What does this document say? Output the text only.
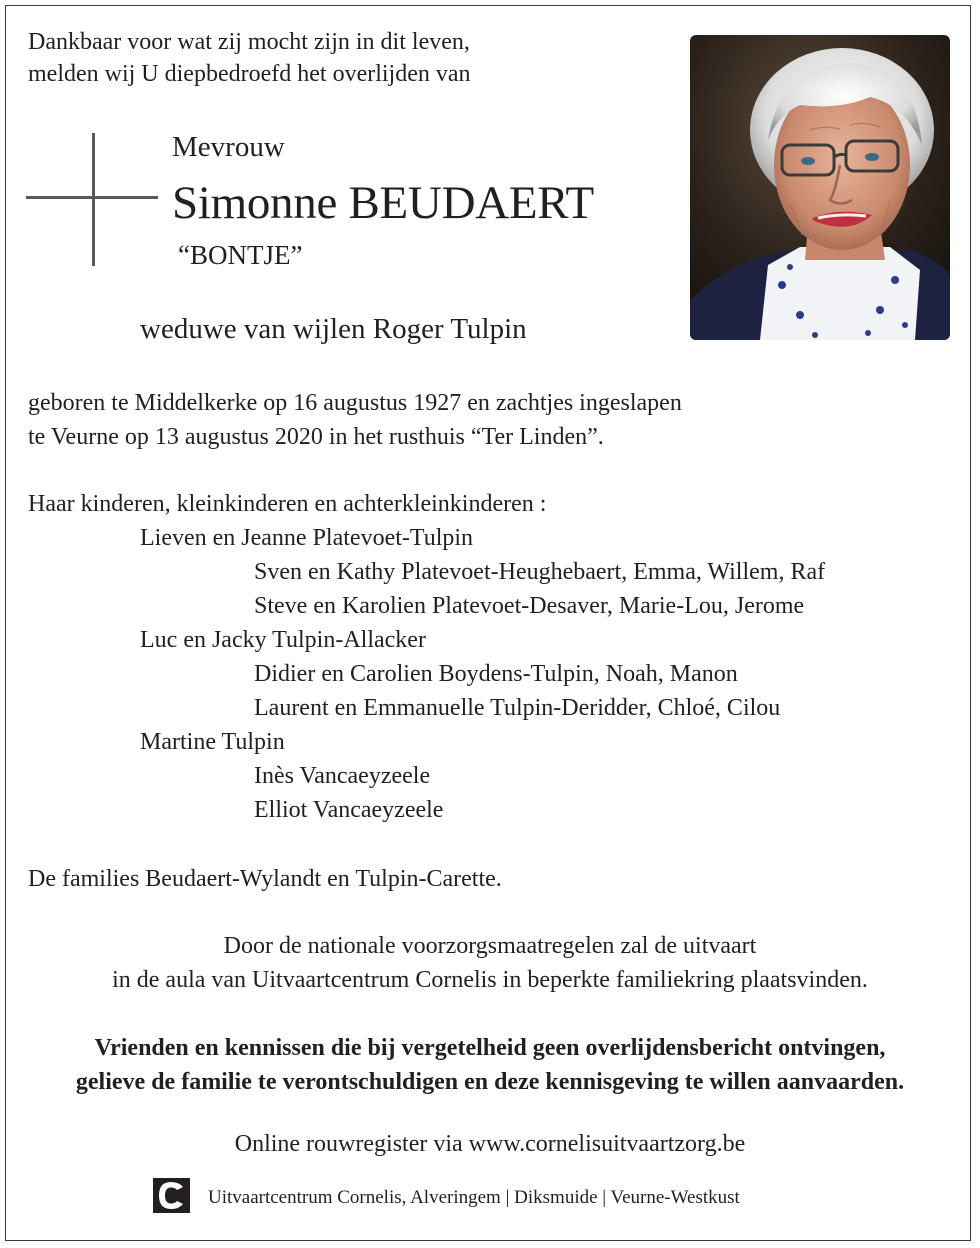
Dankbaar voor wat zij mocht zijn in dit leven,
melden wij U diepbedroefd het overlijden van
Mevrouw
Simonne BEUDAERT
“BONTJE”
weduwe van wijlen Roger Tulpin
geboren te Middelkerke op 16 augustus 1927 en zachtjes ingeslapen
te Veurne op 13 augustus 2020 in het rusthuis “Ter Linden”.
Haar kinderen, kleinkinderen en achterkleinkinderen :
Lieven en Jeanne Platevoet-Tulpin
Sven en Kathy Platevoet-Heughebaert, Emma, Willem, Raf
Steve en Karolien Platevoet-Desaver, Marie-Lou, Jerome
Luc en Jacky Tulpin-Allacker
Didier en Carolien Boydens-Tulpin, Noah, Manon
Laurent en Emmanuelle Tulpin-Deridder, Chloé, Cilou
Martine Tulpin
Inès Vancaeyzeele
Elliot Vancaeyzeele
De families Beudaert-Wylandt en Tulpin-Carette.
Door de nationale voorzorgsmaatregelen zal de uitvaart
in de aula van Uitvaartcentrum Cornelis in beperkte familiekring plaatsvinden.
Vrienden en kennissen die bij vergetelheid geen overlijdensbericht ontvingen,
gelieve de familie te verontschuldigen en deze kennisgeving te willen aanvaarden.
Online rouwregister via www.cornelisuitvaartzorg.be
Uitvaartcentrum Cornelis, Alveringem | Diksmuide | Veurne-Westkust
